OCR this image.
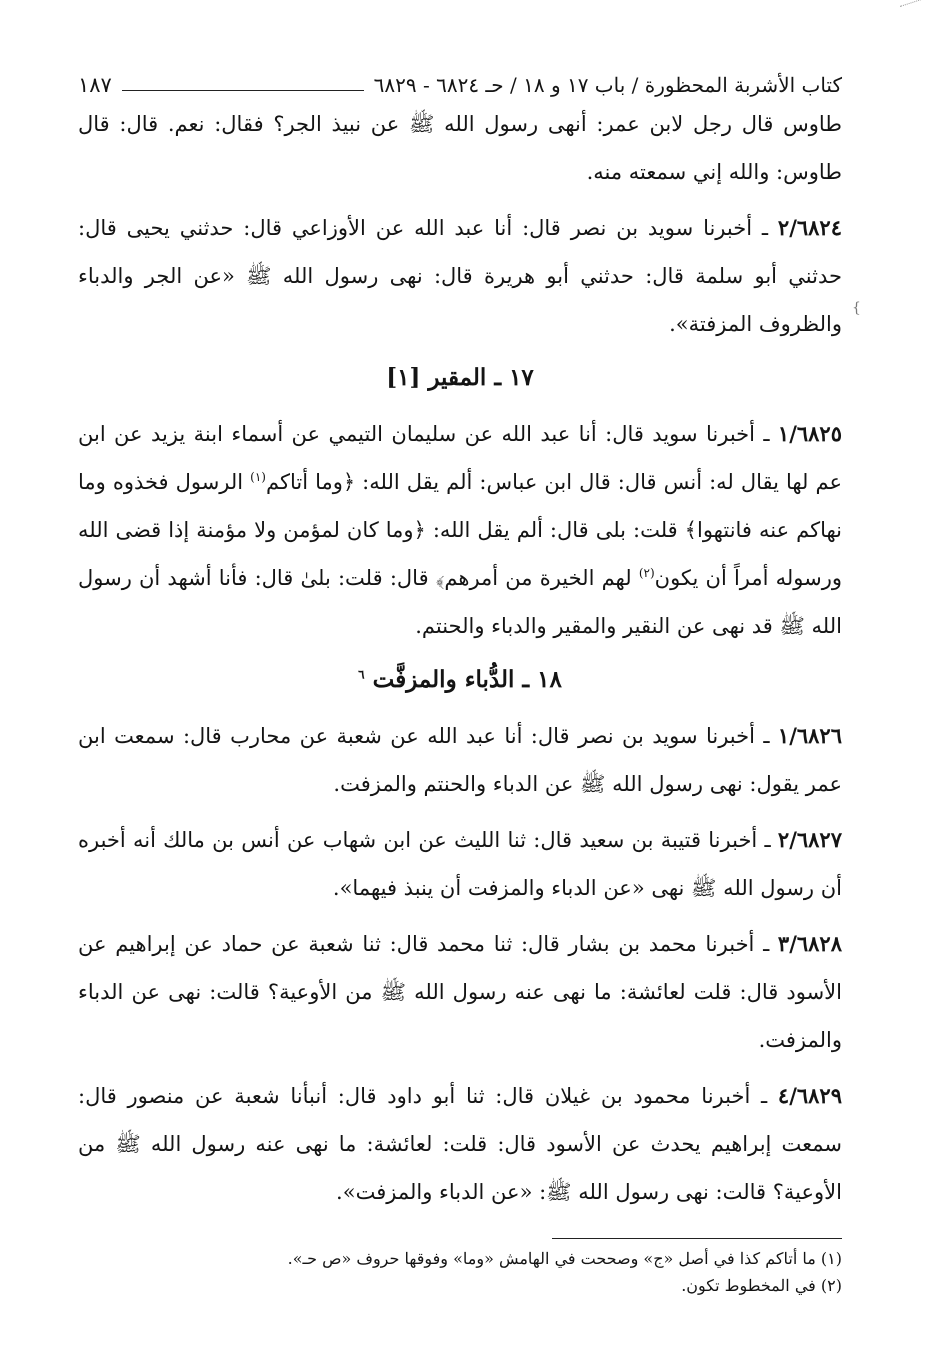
{
كتاب الأشربة المحظورة / باب ١٧ و ١٨ / حـ ٦٨٢٤ - ٦٨٢٩
١٨٧

طاوس قال رجل لابن عمر: أنهى رسول الله ﷺ عن نبيذ الجر؟ فقال: نعم. قال: قال طاوس: والله إني سمعته منه.

٢/٦٨٢٤ ـ أخبرنا سويد بن نصر قال: أنا عبد الله عن الأوزاعي قال: حدثني يحيى قال: حدثني أبو سلمة قال: حدثني أبو هريرة قال: نهى رسول الله ﷺ «عن الجر والدباء والظروف المزفتة».

١٧ ـ المقير [١]

١/٦٨٢٥ ـ أخبرنا سويد قال: أنا عبد الله عن سليمان التيمي عن أسماء ابنة يزيد عن ابن عم لها يقال له: أنس قال: قال ابن عباس: ألم يقل الله: ﴿وما أتاكم$^{(١)}$ الرسول فخذوه وما نهاكم عنه فانتهوا﴾ قلت: بلى قال: ألم يقل الله: ﴿وما كان لمؤمن ولا مؤمنة إذا قضى الله ورسوله أمراً أن يكون$^{(٢)}$ لهم الخيرة من أمرهم﴾ قال: قلت: بلىٰ قال: فأنا أشهد أن رسول الله ﷺ قد نهى عن النقير والمقير والدباء والحنتم.

١٨ ـ الدُّباء والمزفَّت $^٦$

١/٦٨٢٦ ـ أخبرنا سويد بن نصر قال: أنا عبد الله عن شعبة عن محارب قال: سمعت ابن عمر يقول: نهى رسول الله ﷺ عن الدباء والحنتم والمزفت.

٢/٦٨٢٧ ـ أخبرنا قتيبة بن سعيد قال: ثنا الليث عن ابن شهاب عن أنس بن مالك أنه أخبره أن رسول الله ﷺ نهى «عن الدباء والمزفت أن ينبذ فيهما».

٣/٦٨٢٨ ـ أخبرنا محمد بن بشار قال: ثنا محمد قال: ثنا شعبة عن حماد عن إبراهيم عن الأسود قال: قلت لعائشة: ما نهى عنه رسول الله ﷺ من الأوعية؟ قالت: نهى عن الدباء والمزفت.

٤/٦٨٢٩ ـ أخبرنا محمود بن غيلان قال: ثنا أبو داود قال: أنبأنا شعبة عن منصور قال: سمعت إبراهيم يحدث عن الأسود قال: قلت: لعائشة: ما نهى عنه رسول الله ﷺ من الأوعية؟ قالت: نهى رسول الله ﷺ: «عن الدباء والمزفت».

(١) ما أتاكم كذا في أصل «ج» وصححت في الهامش «وما» وفوقها حروف «ص حـ».

(٢) في المخطوط تكون.
